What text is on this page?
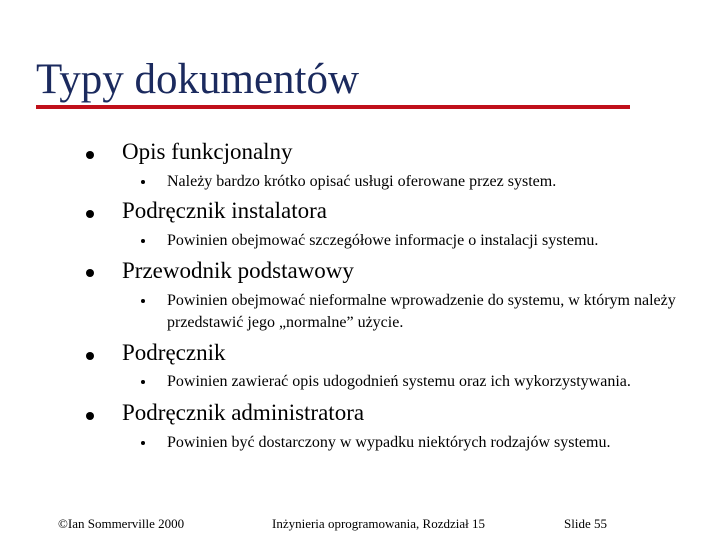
Typy dokumentów
Opis funkcjonalny
Należy bardzo krótko opisać usługi oferowane przez system.
Podręcznik instalatora
Powinien obejmować szczegółowe informacje o instalacji systemu.
Przewodnik podstawowy
Powinien obejmować nieformalne wprowadzenie do systemu, w którym należy przedstawić jego „normalne” użycie.
Podręcznik
Powinien zawierać opis udogodnień systemu oraz ich wykorzystywania.
Podręcznik administratora
Powinien być dostarczony w wypadku niektórych rodzajów systemu.
©Ian Sommerville 2000	Inżynieria oprogramowania, Rozdział 15	Slide 55
